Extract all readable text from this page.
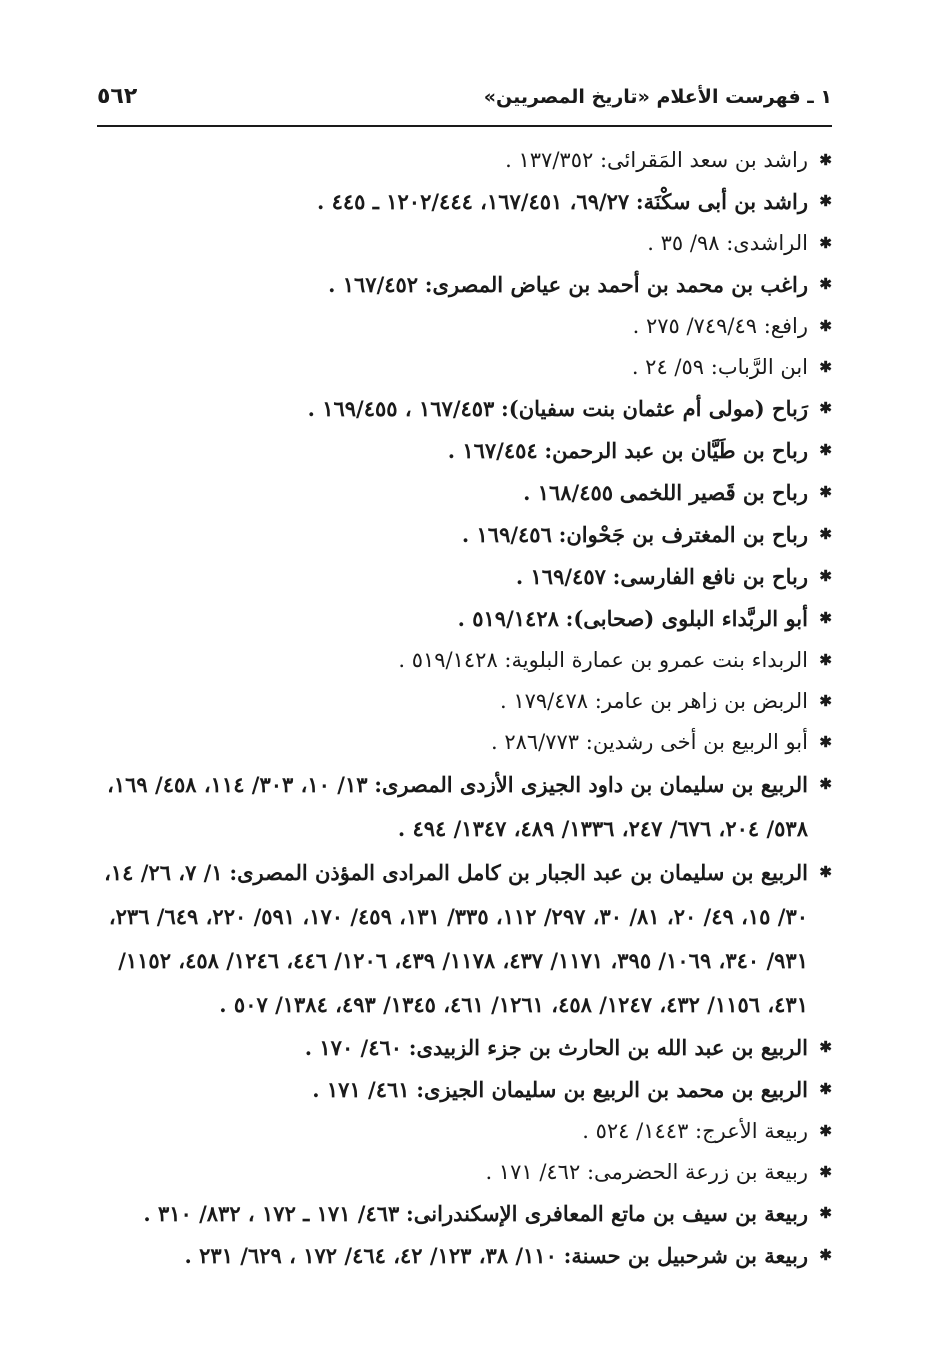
١ ـ فهرست الأعلام «تاريخ المصريين»
٥٦٢
✱
راشد بن سعد المَقرائى: ١٣٧/٣٥٢ .
✱
راشد بن أبى سكْنَة: ٦٩/٢٧، ١٦٧/٤٥١، ١٢٠٢/٤٤٤ ـ ٤٤٥ .
✱
الراشدى: ٩٨/ ٣٥ .
✱
راغب بن محمد بن أحمد بن عياض المصرى: ١٦٧/٤٥٢ .
✱
رافع: ٧٤٩/٤٩/ ٢٧٥ .
✱
ابن الرَّباب: ٥٩/ ٢٤ .
✱
رَباح (مولى أم عثمان بنت سفيان): ١٦٧/٤٥٣ ، ١٦٩/٤٥٥ .
✱
رباح بن طَيَّان بن عبد الرحمن: ١٦٧/٤٥٤ .
✱
رباح بن قَصير اللخمى ١٦٨/٤٥٥ .
✱
رباح بن المغترف بن جَحْوان: ١٦٩/٤٥٦ .
✱
رباح بن نافع الفارسى: ١٦٩/٤٥٧ .
✱
أبو الربَّداء البلوى (صحابى): ٥١٩/١٤٢٨ .
✱
الربداء بنت عمرو بن عمارة البلوية: ٥١٩/١٤٢٨ .
✱
الربض بن زاهر بن عامر: ١٧٩/٤٧٨ .
✱
أبو الربيع بن أخى رشدين: ٢٨٦/٧٧٣ .
✱
الربيع بن سليمان بن داود الجيزى الأزدى المصرى: ١٣/ ١٠، ٣٠٣/ ١١٤، ٤٥٨/ ١٦٩، ٥٣٨/ ٢٠٤، ٦٧٦/ ٢٤٧، ١٣٣٦/ ٤٨٩، ١٣٤٧/ ٤٩٤ .
✱
الربيع بن سليمان بن عبد الجبار بن كامل المرادى المؤذن المصرى: ١/ ٧، ٢٦/ ١٤، ٣٠/ ١٥، ٤٩/ ٢٠، ٨١/ ٣٠، ٢٩٧/ ١١٢، ٣٣٥/ ١٣١، ٤٥٩/ ١٧٠، ٥٩١/ ٢٢٠، ٦٤٩/ ٢٣٦، ٩٣١/ ٣٤٠، ١٠٦٩/ ٣٩٥، ١١٧١/ ٤٣٧، ١١٧٨/ ٤٣٩، ١٢٠٦/ ٤٤٦، ١٢٤٦/ ٤٥٨، ١١٥٢/ ٤٣١، ١١٥٦/ ٤٣٢، ١٢٤٧/ ٤٥٨، ١٢٦١/ ٤٦١، ١٣٤٥/ ٤٩٣، ١٣٨٤/ ٥٠٧ .
✱
الربيع بن عبد الله بن الحارث بن جزء الزبيدى: ٤٦٠/ ١٧٠ .
✱
الربيع بن محمد بن الربيع بن سليمان الجيزى: ٤٦١/ ١٧١ .
✱
ربيعة الأعرج: ١٤٤٣/ ٥٢٤ .
✱
ربيعة بن زرعة الحضرمى: ٤٦٢/ ١٧١ .
✱
ربيعة بن سيف بن ماتع المعافرى الإسكندرانى: ٤٦٣/ ١٧١ ـ ١٧٢ ، ٨٣٢/ ٣١٠ .
✱
ربيعة بن شرحبيل بن حسنة: ١١٠/ ٣٨، ١٢٣/ ٤٢، ٤٦٤/ ١٧٢ ، ٦٢٩/ ٢٣١ .
